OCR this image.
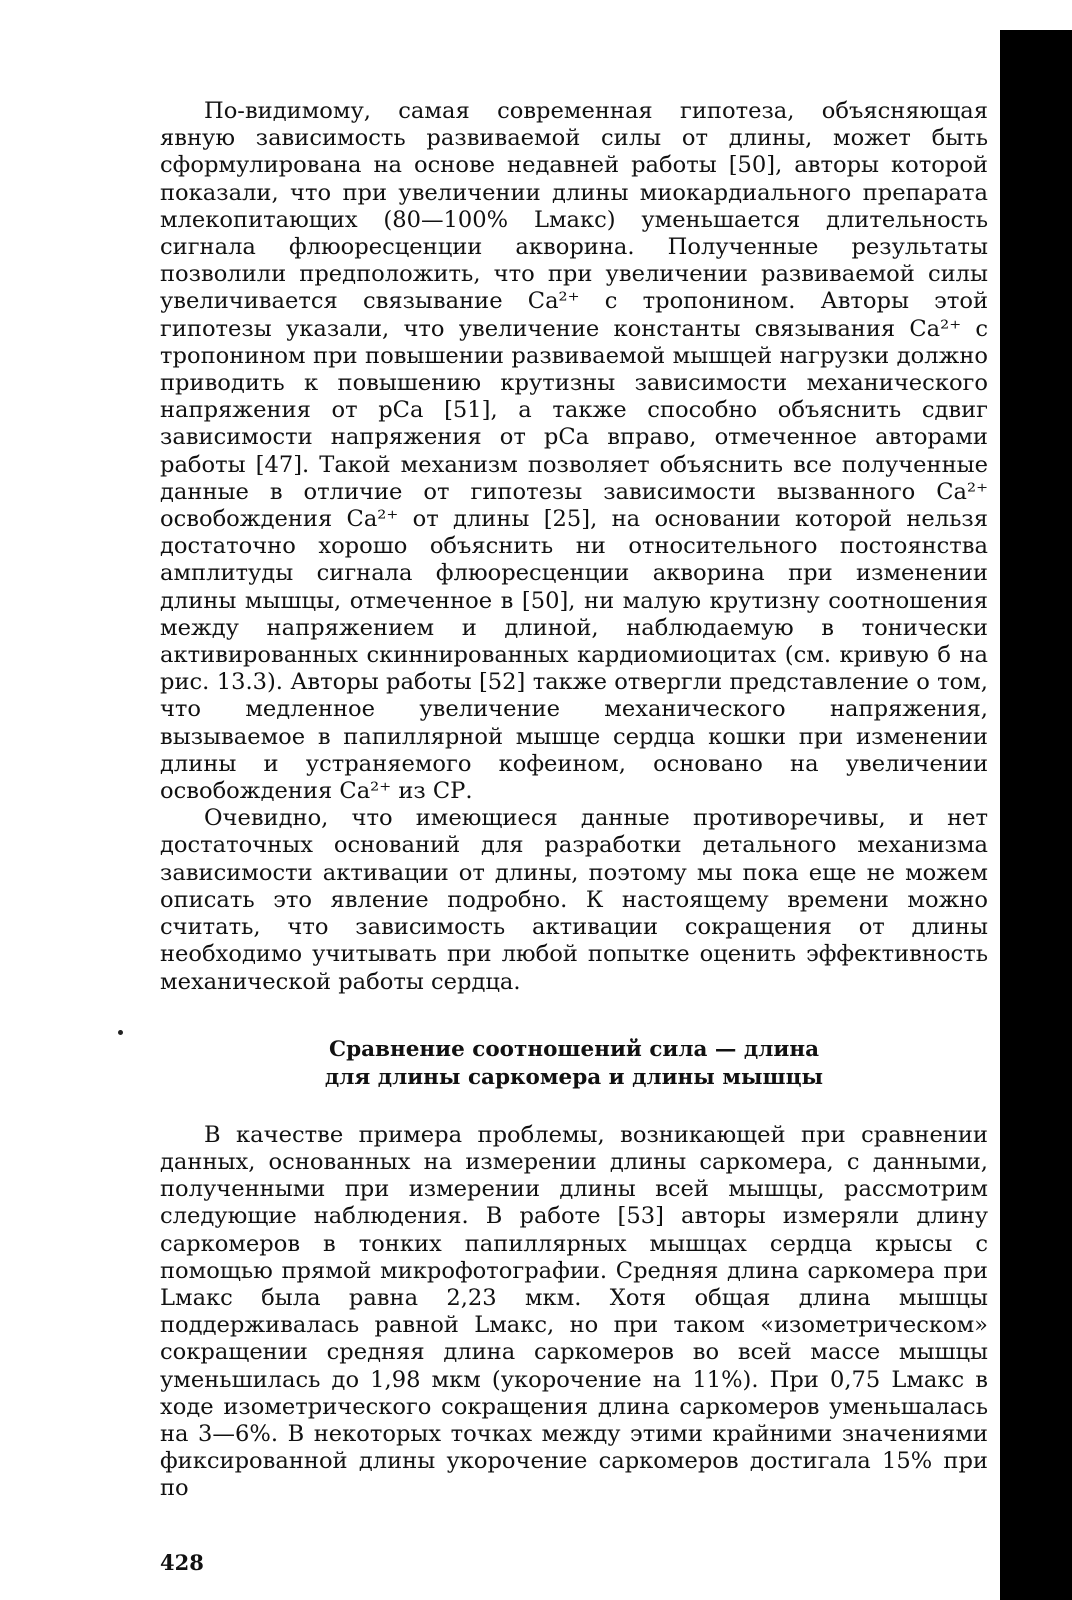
По-видимому, самая современная гипотеза, объясняющая явную зависимость развиваемой силы от длины, может быть сформулирована на основе недавней работы [50], авторы которой показали, что при увеличении длины миокардиального препарата млекопитающих (80—100% Lмакс) уменьшается длительность сигнала флюоресценции акворина. Полученные результаты позволили предположить, что при увеличении развиваемой силы увеличивается связывание Ca²⁺ с тропонином. Авторы этой гипотезы указали, что увеличение константы связывания Ca²⁺ с тропонином при повышении развиваемой мышцей нагрузки должно приводить к повышению крутизны зависимости механического напряжения от pCa [51], а также способно объяснить сдвиг зависимости напряжения от pCa вправо, отмеченное авторами работы [47]. Такой механизм позволяет объяснить все полученные данные в отличие от гипотезы зависимости вызванного Ca²⁺ освобождения Ca²⁺ от длины [25], на основании которой нельзя достаточно хорошо объяснить ни относительного постоянства амплитуды сигнала флюоресценции акворина при изменении длины мышцы, отмеченное в [50], ни малую крутизну соотношения между напряжением и длиной, наблюдаемую в тонически активированных скиннированных кардиомиоцитах (см. кривую б на рис. 13.3). Авторы работы [52] также отвергли представление о том, что медленное увеличение механического напряжения, вызываемое в папиллярной мышце сердца кошки при изменении длины и устраняемого кофеином, основано на увеличении освобождения Ca²⁺ из СР.

Очевидно, что имеющиеся данные противоречивы, и нет достаточных оснований для разработки детального механизма зависимости активации от длины, поэтому мы пока еще не можем описать это явление подробно. К настоящему времени можно считать, что зависимость активации сокращения от длины необходимо учитывать при любой попытке оценить эффективность механической работы сердца.

Сравнение соотношений сила — длина
для длины саркомера и длины мышцы

В качестве примера проблемы, возникающей при сравнении данных, основанных на измерении длины саркомера, с данными, полученными при измерении длины всей мышцы, рассмотрим следующие наблюдения. В работе [53] авторы измеряли длину саркомеров в тонких папиллярных мышцах сердца крысы с помощью прямой микрофотографии. Средняя длина саркомера при Lмакс была равна 2,23 мкм. Хотя общая длина мышцы поддерживалась равной Lмакс, но при таком «изометрическом» сокращении средняя длина саркомеров во всей массе мышцы уменьшилась до 1,98 мкм (укорочение на 11%). При 0,75 Lмакс в ходе изометрического сокращения длина саркомеров уменьшалась на 3—6%. В некоторых точках между этими крайними значениями фиксированной длины укорочение саркомеров достигала 15% при по

428
